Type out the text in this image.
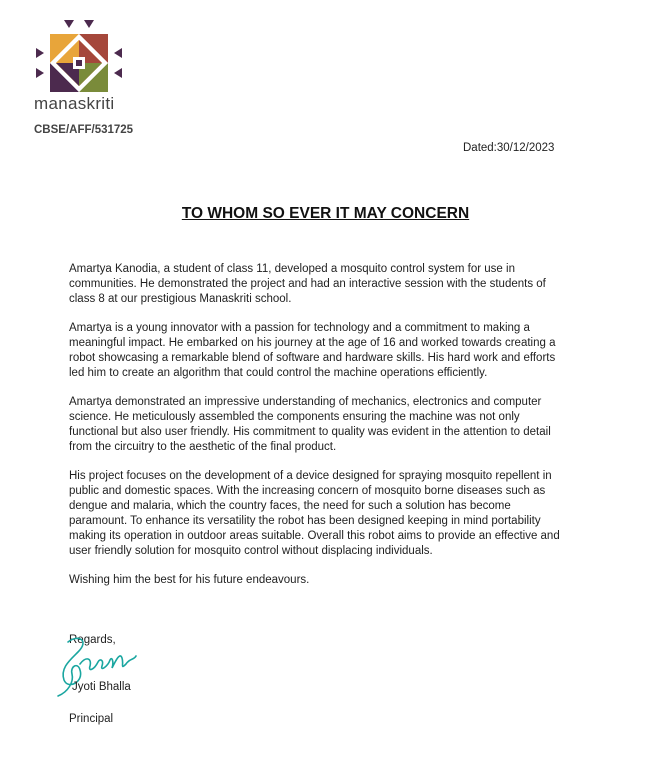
manaskriti
CBSE/AFF/531725
Dated:30/12/2023
TO WHOM SO EVER IT MAY CONCERN

Amartya Kanodia, a student of class 11, developed a mosquito control system for use in communities. He demonstrated the project and had an interactive session with the students of class 8 at our prestigious Manaskriti school.

Amartya is a young innovator with a passion for technology and a commitment to making a meaningful impact. He embarked on his journey at the age of 16 and worked towards creating a robot showcasing a remarkable blend of software and hardware skills. His hard work and efforts led him to create an algorithm that could control the machine operations efficiently.

Amartya demonstrated an impressive understanding of mechanics, electronics and computer science. He meticulously assembled the components ensuring the machine was not only functional but also user friendly. His commitment to quality was evident in the attention to detail from the circuitry to the aesthetic of the final product.

His project focuses on the development of a device designed for spraying mosquito repellent in public and domestic spaces. With the increasing concern of mosquito borne diseases such as dengue and malaria, which the country faces, the need for such a solution has become paramount. To enhance its versatility the robot has been designed keeping in mind portability making its operation in outdoor areas suitable. Overall this robot aims to provide an effective and user friendly solution for mosquito control without displacing individuals.

Wishing him the best for his future endeavours.

Regards,
Jyoti Bhalla
Principal
